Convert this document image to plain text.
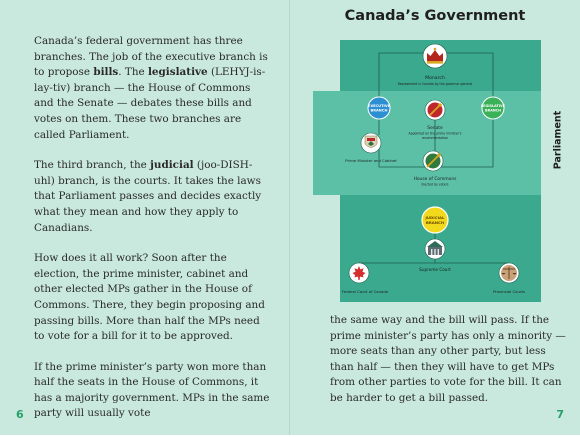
Canada’s federal government has three branches. The job of the executive branch is to propose bills. The legislative (LEHYJ-is-lay-tiv) branch — the House of Commons and the Senate — debates these bills and votes on them. These two branches are called Parliament.

The third branch, the judicial (joo-DISH-uhl) branch, is the courts. It takes the laws that Parliament passes and decides exactly what they mean and how they apply to Canadians.

How does it all work? Soon after the election, the prime minister, cabinet and other elected MPs gather in the House of Commons. There, they begin proposing and passing bills. More than half the MPs need to vote for a bill for it to be approved.

If the prime minister’s party won more than half the seats in the House of Commons, it has a majority government. MPs in the same party will usually vote

6
Canada’s Government
Monarch
Represented in Canada by the governor general
EXECUTIVE
BRANCH
LEGISLATIVE
BRANCH
Senate
Appointed on the prime minister’s
recommendation
Prime Minister and Cabinet
House of Commons
Elected by voters
JUDICIAL
BRANCH
Supreme Court
Federal Court of Canada	Provincial Courts
Parliament

the same way and the bill will pass. If the prime minister’s party has only a minority — more seats than any other party, but less than half — then they will have to get MPs from other parties to vote for the bill. It can be harder to get a bill passed.

7
